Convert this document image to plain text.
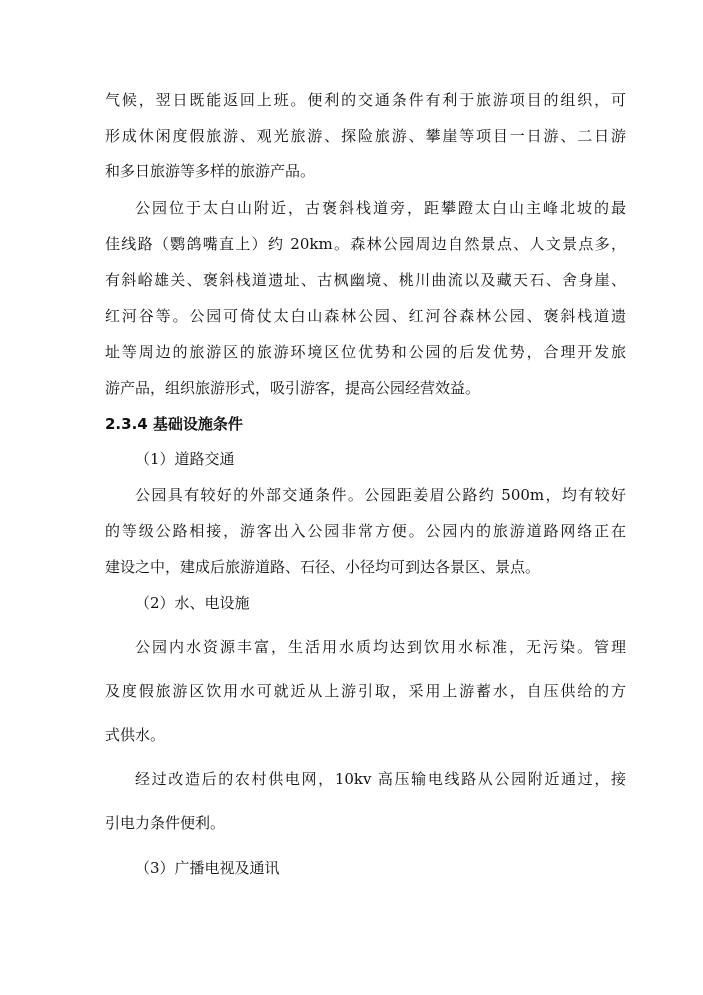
气候，翌日既能返回上班。便利的交通条件有利于旅游项目的组织，可
形成休闲度假旅游、观光旅游、探险旅游、攀崖等项目一日游、二日游
和多日旅游等多样的旅游产品。
公园位于太白山附近，古褒斜栈道旁，距攀蹬太白山主峰北坡的最
佳线路（鹦鸽嘴直上）约 20km。森林公园周边自然景点、人文景点多，
有斜峪雄关、褒斜栈道遗址、古枫幽境、桃川曲流以及藏天石、舍身崖、
红河谷等。公园可倚仗太白山森林公园、红河谷森林公园、褒斜栈道遗
址等周边的旅游区的旅游环境区位优势和公园的后发优势，合理开发旅
游产品，组织旅游形式，吸引游客，提高公园经营效益。
2.3.4 基础设施条件
（1）道路交通
公园具有较好的外部交通条件。公园距姜眉公路约 500m，均有较好
的等级公路相接，游客出入公园非常方便。公园内的旅游道路网络正在
建设之中，建成后旅游道路、石径、小径均可到达各景区、景点。
（2）水、电设施
公园内水资源丰富，生活用水质均达到饮用水标准，无污染。管理
及度假旅游区饮用水可就近从上游引取，采用上游蓄水，自压供给的方
式供水。
经过改造后的农村供电网，10kv 高压输电线路从公园附近通过，接
引电力条件便利。
（3）广播电视及通讯
